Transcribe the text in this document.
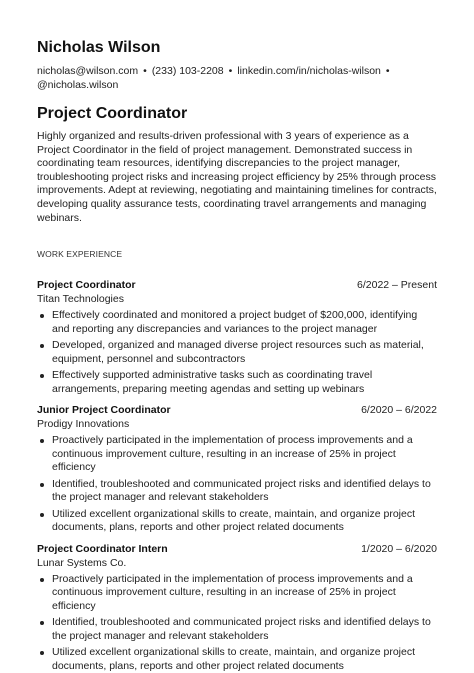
Nicholas Wilson
nicholas@wilson.com • (233) 103-2208 • linkedin.com/in/nicholas-wilson •
@nicholas.wilson
Project Coordinator
Highly organized and results-driven professional with 3 years of experience as a Project Coordinator in the field of project management. Demonstrated success in coordinating team resources, identifying discrepancies to the project manager, troubleshooting project risks and increasing project efficiency by 25% through process improvements. Adept at reviewing, negotiating and maintaining timelines for contracts, developing quality assurance tests, coordinating travel arrangements and managing webinars.
WORK EXPERIENCE
Project Coordinator	6/2022 – Present
Titan Technologies
Effectively coordinated and monitored a project budget of $200,000, identifying and reporting any discrepancies and variances to the project manager
Developed, organized and managed diverse project resources such as material, equipment, personnel and subcontractors
Effectively supported administrative tasks such as coordinating travel arrangements, preparing meeting agendas and setting up webinars
Junior Project Coordinator	6/2020 – 6/2022
Prodigy Innovations
Proactively participated in the implementation of process improvements and a continuous improvement culture, resulting in an increase of 25% in project efficiency
Identified, troubleshooted and communicated project risks and identified delays to the project manager and relevant stakeholders
Utilized excellent organizational skills to create, maintain, and organize project documents, plans, reports and other project related documents
Project Coordinator Intern	1/2020 – 6/2020
Lunar Systems Co.
Proactively participated in the implementation of process improvements and a continuous improvement culture, resulting in an increase of 25% in project efficiency
Identified, troubleshooted and communicated project risks and identified delays to the project manager and relevant stakeholders
Utilized excellent organizational skills to create, maintain, and organize project documents, plans, reports and other project related documents
